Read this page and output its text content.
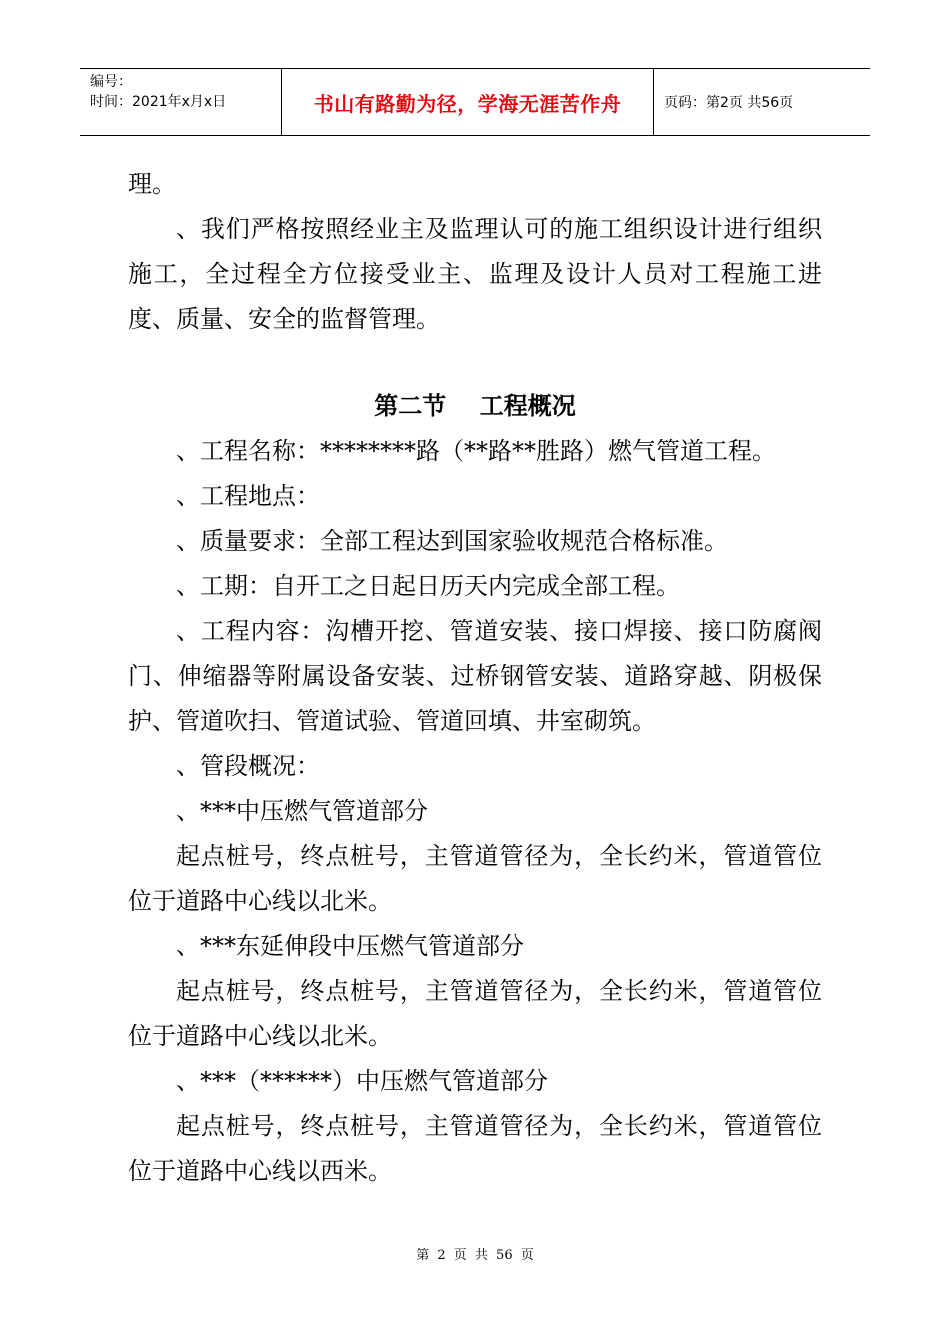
编号：
时间：2021年x月x日	书山有路勤为径，学海无涯苦作舟	页码：第2页 共56页

理。

、我们严格按照经业主及监理认可的施工组织设计进行组织施工，全过程全方位接受业主、监理及设计人员对工程施工进度、质量、安全的监督管理。

第二节    工程概况

、工程名称：********路（**路**胜路）燃气管道工程。

、工程地点：

、质量要求：全部工程达到国家验收规范合格标准。

、工期：自开工之日起日历天内完成全部工程。

、工程内容：沟槽开挖、管道安装、接口焊接、接口防腐阀门、伸缩器等附属设备安装、过桥钢管安装、道路穿越、阴极保护、管道吹扫、管道试验、管道回填、井室砌筑。

、管段概况：

、***中压燃气管道部分

起点桩号，终点桩号，主管道管径为，全长约米，管道管位位于道路中心线以北米。

、***东延伸段中压燃气管道部分

起点桩号，终点桩号，主管道管径为，全长约米，管道管位位于道路中心线以北米。

、***（******）中压燃气管道部分

起点桩号，终点桩号，主管道管径为，全长约米，管道管位位于道路中心线以西米。

第 2 页 共 56 页
